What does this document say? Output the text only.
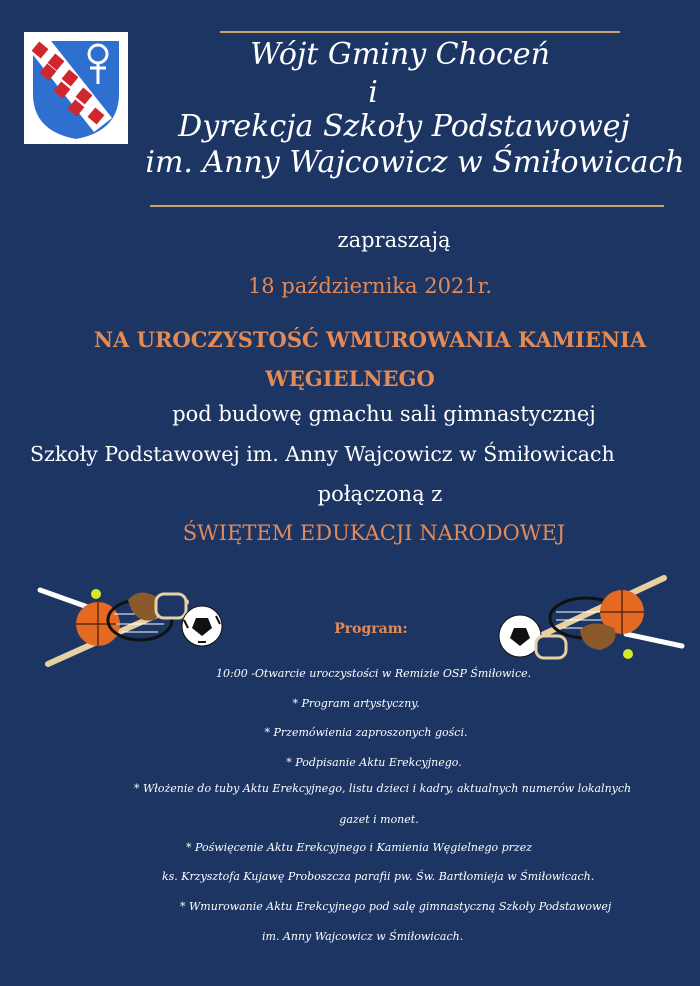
Wójt Gminy Choceń
i
Dyrekcja Szkoły Podstawowej
im. Anny Wajcowicz w Śmiłowicach
zapraszają
18 października 2021r.
NA UROCZYSTOŚĆ WMUROWANIA KAMIENIA
WĘGIELNEGO
pod budowę gmachu sali gimnastycznej
Szkoły Podstawowej im. Anny Wajcowicz w Śmiłowicach
połączoną z
ŚWIĘTEM EDUKACJI NARODOWEJ
Program:
10:00 -Otwarcie uroczystości w Remizie OSP Śmiłowice.
* Program artystyczny.
* Przemówienia zaproszonych gości.
* Podpisanie Aktu Erekcyjnego.
* Włożenie do tuby Aktu Erekcyjnego, listu dzieci i kadry, aktualnych numerów lokalnych
gazet i monet.
* Poświęcenie Aktu Erekcyjnego i Kamienia Węgielnego przez
ks. Krzysztofa Kujawę Proboszcza parafii pw. Św. Bartłomieja w Śmiłowicach.
* Wmurowanie Aktu Erekcyjnego pod salę gimnastyczną Szkoły Podstawowej
im. Anny Wajcowicz w Śmiłowicach.
